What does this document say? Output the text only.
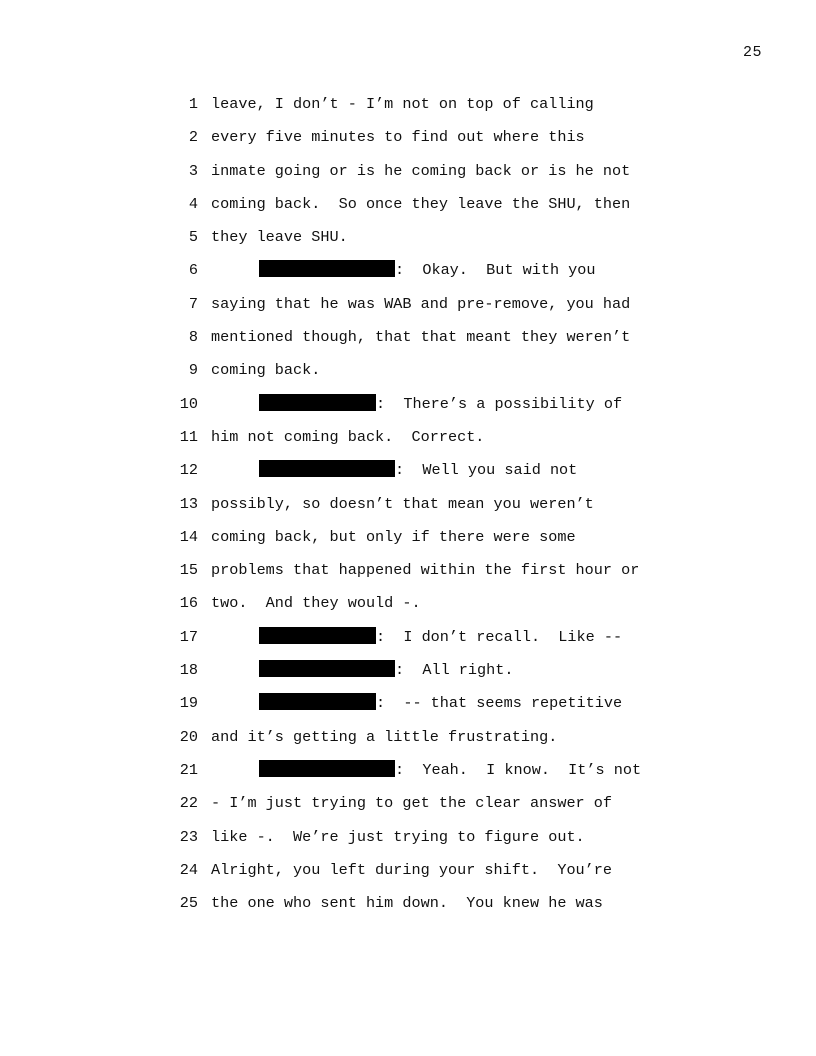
25
1 leave, I don’t - I’m not on top of calling
2 every five minutes to find out where this
3 inmate going or is he coming back or is he not
4 coming back.  So once they leave the SHU, then
5 they leave SHU.
6	:  Okay.  But with you
7 saying that he was WAB and pre-remove, you had
8 mentioned though, that that meant they weren’t
9 coming back.
10	:  There’s a possibility of
11 him not coming back.  Correct.
12	:  Well you said not
13 possibly, so doesn’t that mean you weren’t
14 coming back, but only if there were some
15 problems that happened within the first hour or
16 two.  And they would -.
17	:  I don’t recall.  Like --
18	:  All right.
19	:  -- that seems repetitive
20 and it’s getting a little frustrating.
21	:  Yeah.  I know.  It’s not
22 - I’m just trying to get the clear answer of
23 like -.  We’re just trying to figure out.
24 Alright, you left during your shift.  You’re
25 the one who sent him down.  You knew he was
